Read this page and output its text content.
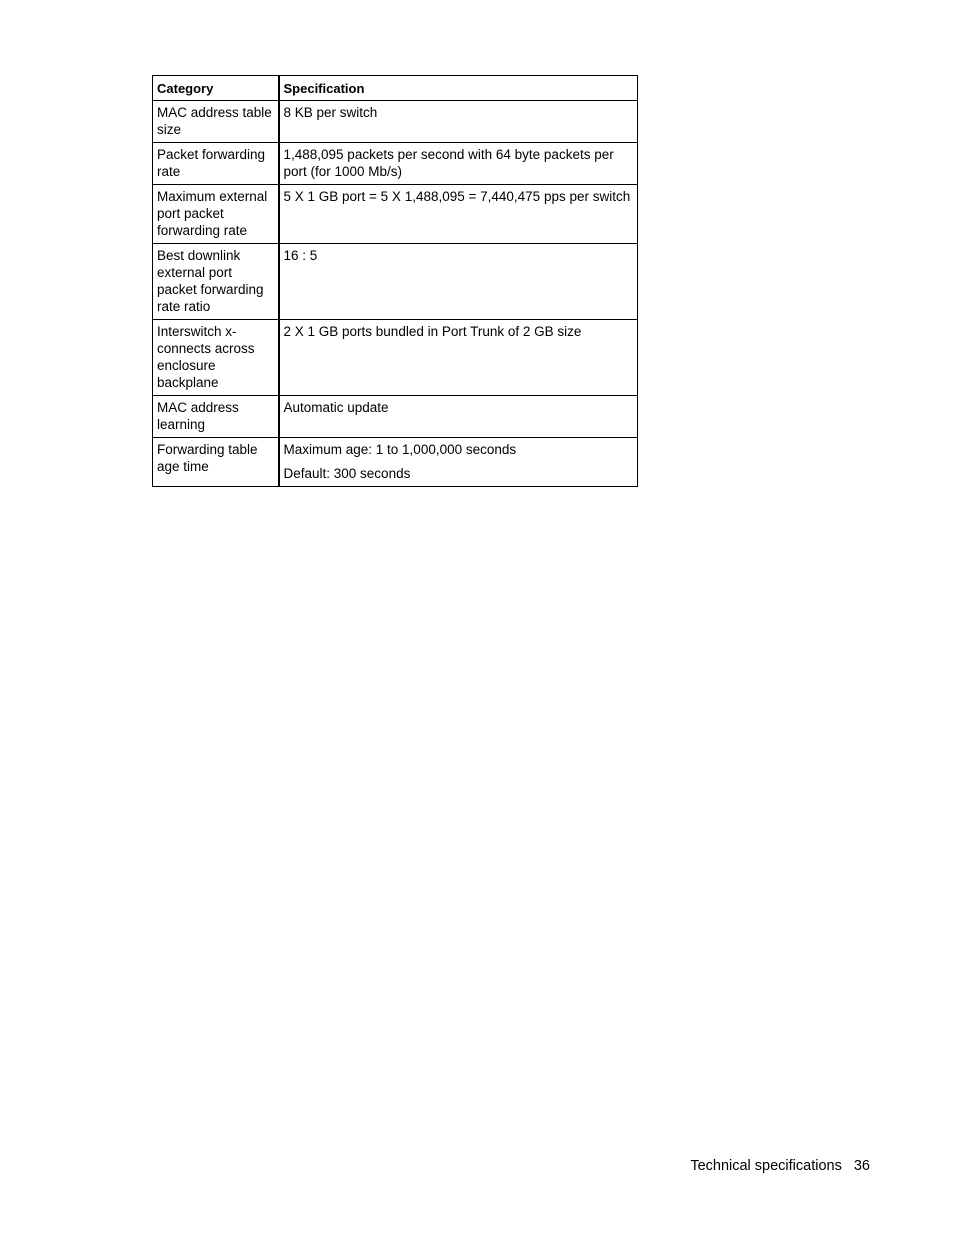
Category	Specification
MAC address table size	8 KB per switch

Packet forwarding rate	1,488,095 packets per second with 64 byte packets per port (for 1000 Mb/s)

Maximum external port packet forwarding rate	5 X 1 GB port = 5 X 1,488,095 = 7,440,475 pps per switch

Best downlink external port packet forwarding rate ratio	16 : 5

Interswitch x-connects across enclosure backplane	2 X 1 GB ports bundled in Port Trunk of 2 GB size

MAC address learning	Automatic update

Forwarding table age time	Maximum age: 1 to 1,000,000 seconds
Default: 300 seconds
Technical specifications 36
